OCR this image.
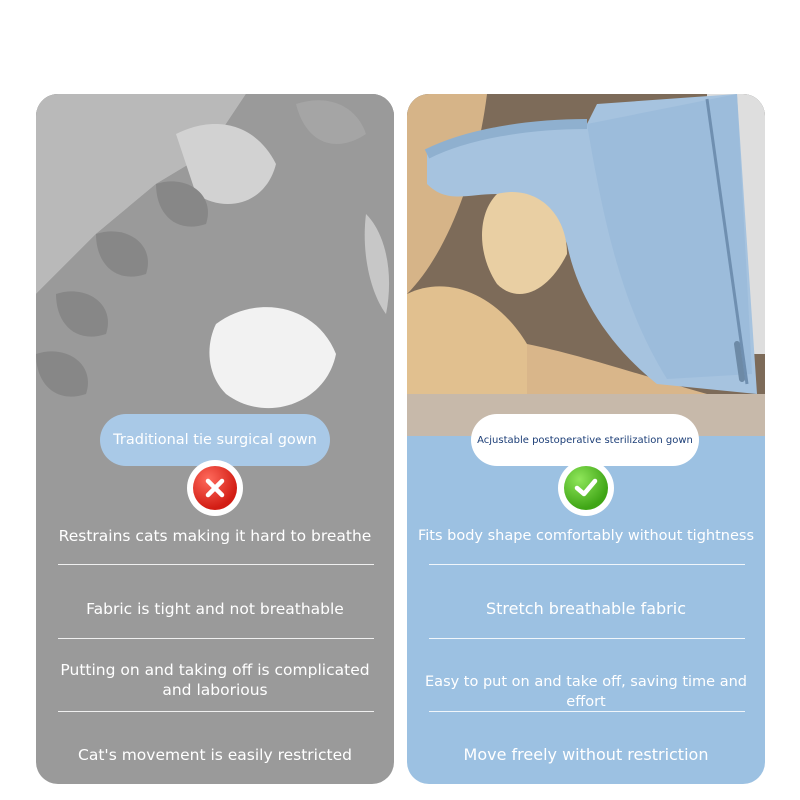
Traditional tie surgical gown
Restrains cats making it hard to breathe
Fabric is tight and not breathable
Putting on and taking off is complicated and laborious
Cat's movement is easily restricted
Acjustable postoperative sterilization gown
Fits body shape comfortably without tightness
Stretch breathable fabric
Easy to put on and take off, saving time and effort
Move freely without restriction
